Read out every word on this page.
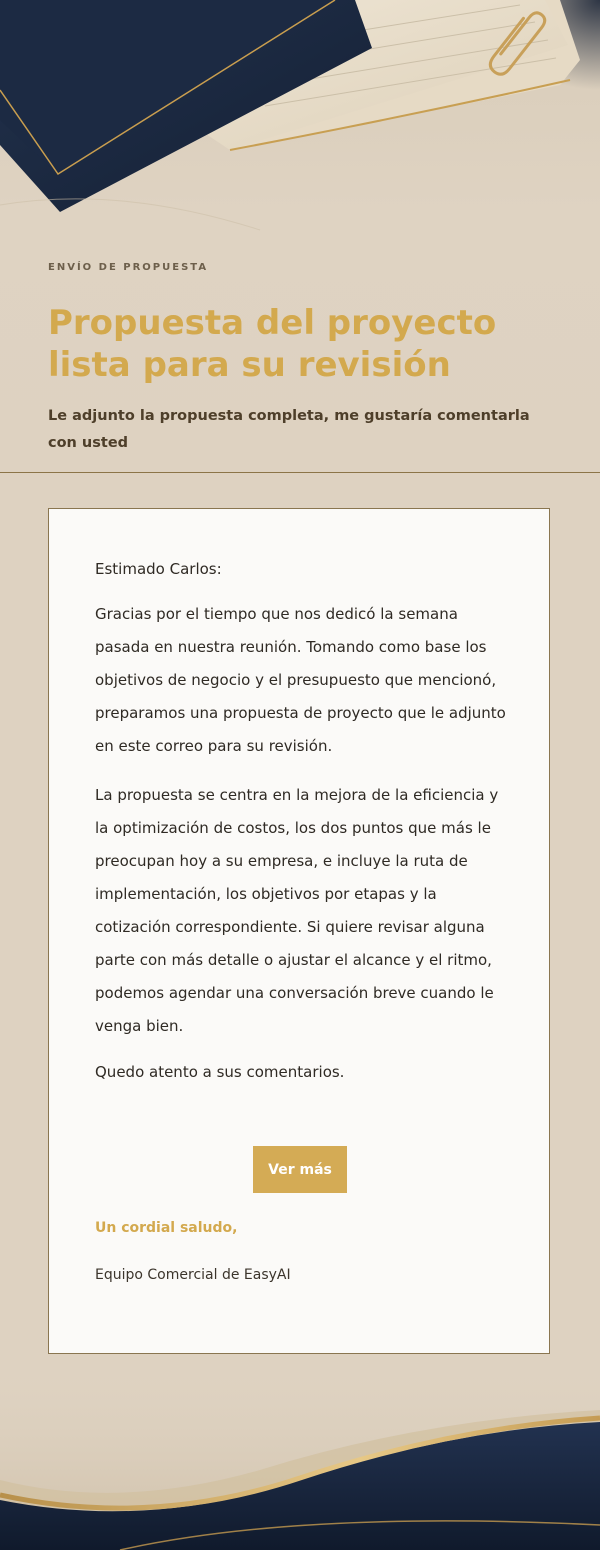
ENVÍO DE PROPUESTA
Propuesta del proyecto lista para su revisión

Le adjunto la propuesta completa, me gustaría comentarla con usted

Estimado Carlos:

Gracias por el tiempo que nos dedicó la semana pasada en nuestra reunión. Tomando como base los objetivos de negocio y el presupuesto que mencionó, preparamos una propuesta de proyecto que le adjunto en este correo para su revisión.

La propuesta se centra en la mejora de la eficiencia y la optimización de costos, los dos puntos que más le preocupan hoy a su empresa, e incluye la ruta de implementación, los objetivos por etapas y la cotización correspondiente. Si quiere revisar alguna parte con más detalle o ajustar el alcance y el ritmo, podemos agendar una conversación breve cuando le venga bien.

Quedo atento a sus comentarios.

Ver más

Un cordial saludo,

Equipo Comercial de EasyAI
